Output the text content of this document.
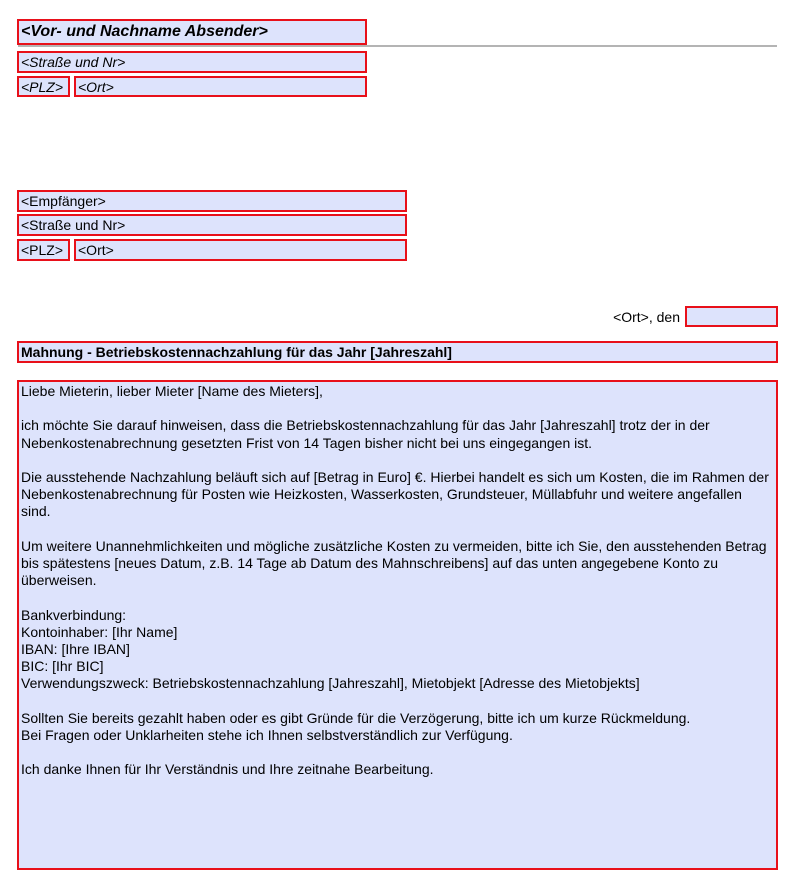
<Vor- und Nachname Absender>
<Straße und Nr>
<PLZ>	<Ort>
<Empfänger>
<Straße und Nr>
<PLZ>	<Ort>
<Ort>, den
Mahnung - Betriebskostennachzahlung für das Jahr [Jahreszahl]

Liebe Mieterin, lieber Mieter [Name des Mieters],

ich möchte Sie darauf hinweisen, dass die Betriebskostennachzahlung für das Jahr [Jahreszahl] trotz der in der Nebenkostenabrechnung gesetzten Frist von 14 Tagen bisher nicht bei uns eingegangen ist.

Die ausstehende Nachzahlung beläuft sich auf [Betrag in Euro] €. Hierbei handelt es sich um Kosten, die im Rahmen der Nebenkostenabrechnung für Posten wie Heizkosten, Wasserkosten, Grundsteuer, Müllabfuhr und weitere angefallen sind.

Um weitere Unannehmlichkeiten und mögliche zusätzliche Kosten zu vermeiden, bitte ich Sie, den ausstehenden Betrag bis spätestens [neues Datum, z.B. 14 Tage ab Datum des Mahnschreibens] auf das unten angegebene Konto zu überweisen.

Bankverbindung:
Kontoinhaber: [Ihr Name]
IBAN: [Ihre IBAN]
BIC: [Ihr BIC]
Verwendungszweck: Betriebskostennachzahlung [Jahreszahl], Mietobjekt [Adresse des Mietobjekts]

Sollten Sie bereits gezahlt haben oder es gibt Gründe für die Verzögerung, bitte ich um kurze Rückmeldung.
Bei Fragen oder Unklarheiten stehe ich Ihnen selbstverständlich zur Verfügung.

Ich danke Ihnen für Ihr Verständnis und Ihre zeitnahe Bearbeitung.
